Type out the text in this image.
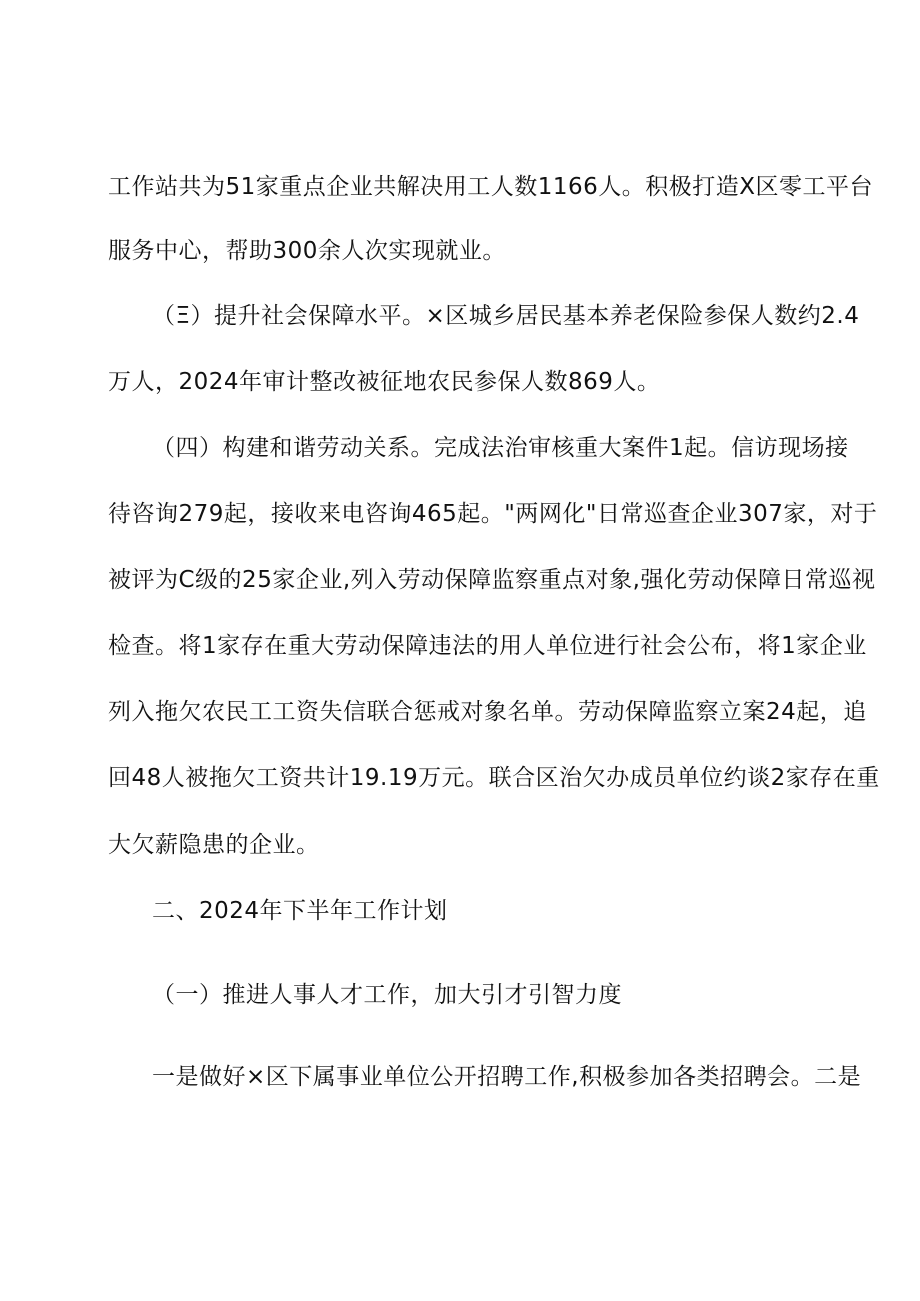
工作站共为51家重点企业共解决用工人数1166人。积极打造X区零工平台
服务中心，帮助300余人次实现就业。
（Ξ）提升社会保障水平。×区城乡居民基本养老保险参保人数约2.4
万人，2024年审计整改被征地农民参保人数869人。
（四）构建和谐劳动关系。完成法治审核重大案件1起。信访现场接
待咨询279起，接收来电咨询465起。"两网化"日常巡查企业307家，对于
被评为C级的25家企业,列入劳动保障监察重点对象,强化劳动保障日常巡视
检查。将1家存在重大劳动保障违法的用人单位进行社会公布，将1家企业
列入拖欠农民工工资失信联合惩戒对象名单。劳动保障监察立案24起，追
回48人被拖欠工资共计19.19万元。联合区治欠办成员单位约谈2家存在重
大欠薪隐患的企业。
二、2024年下半年工作计划
（一）推进人事人才工作，加大引才引智力度
一是做好×区下属事业单位公开招聘工作,积极参加各类招聘会。二是
